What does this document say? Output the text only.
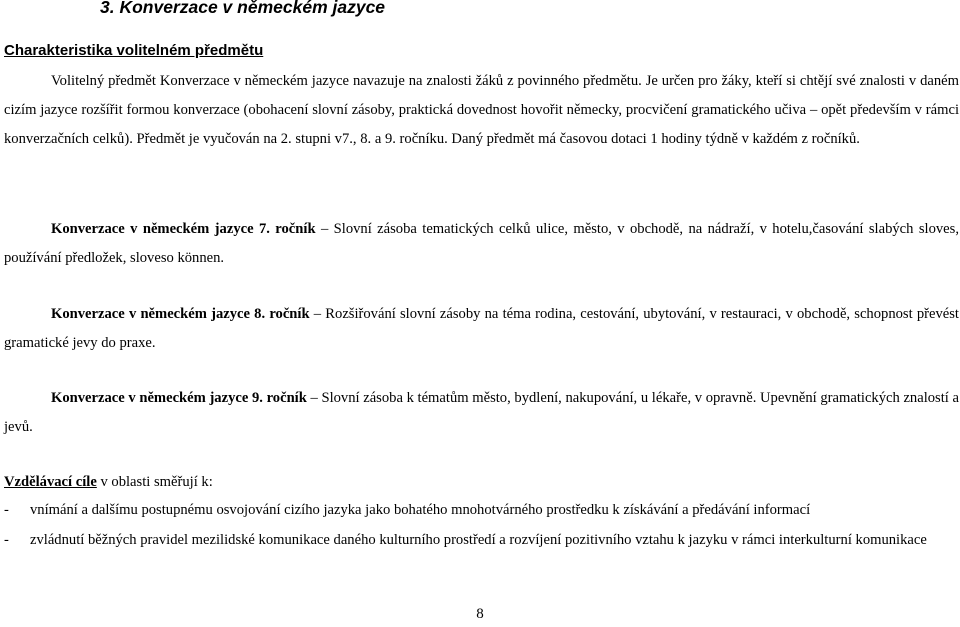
3. Konverzace v německém jazyce
Charakteristika volitelném předmětu
Volitelný předmět Konverzace v německém jazyce navazuje na znalosti žáků z povinného předmětu. Je určen pro žáky, kteří si chtějí své znalosti v daném cizím jazyce rozšířit formou konverzace (obohacení slovní zásoby, praktická dovednost hovořit německy, procvičení gramatického učiva – opět především v rámci konverzačních celků). Předmět je vyučován na 2. stupni v7., 8. a 9. ročníku. Daný předmět má časovou dotaci 1 hodiny týdně v každém z ročníků.
Konverzace v německém jazyce 7. ročník – Slovní zásoba tematických celků ulice, město, v obchodě, na nádraží, v hotelu,časování slabých sloves, používání předložek, sloveso können.
Konverzace v německém jazyce 8. ročník – Rozšiřování slovní zásoby na téma rodina, cestování, ubytování, v restauraci, v obchodě, schopnost převést gramatické jevy do praxe.
Konverzace v německém jazyce 9. ročník – Slovní zásoba k tématům město, bydlení, nakupování, u lékaře, v opravně. Upevnění gramatických znalostí a jevů.
Vzdělávací cíle v oblasti směřují k:
- vnímání a dalšímu postupnému osvojování cizího jazyka jako bohatého mnohotvárného prostředku k získávání a předávání informací
- zvládnutí běžných pravidel mezilidské komunikace daného kulturního prostředí a rozvíjení pozitivního vztahu k jazyku v rámci interkulturní komunikace
8
